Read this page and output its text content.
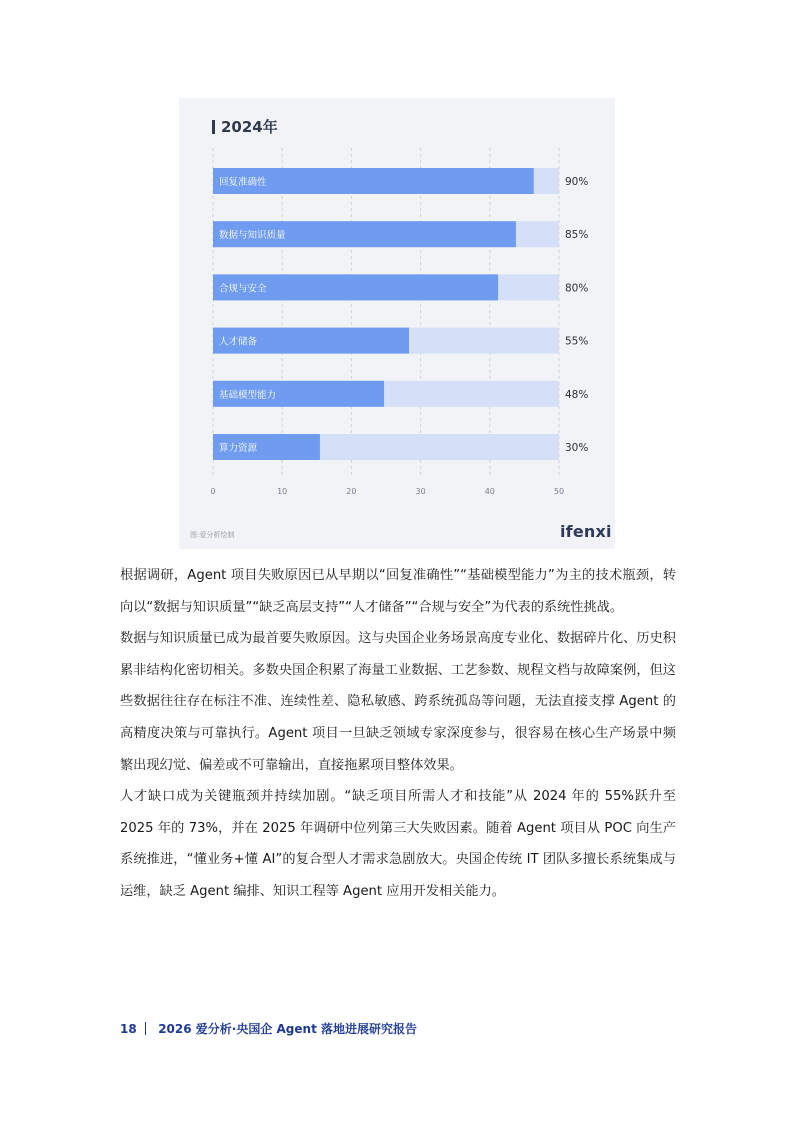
2024年
0	10	20	30	40	50
回复准确性	90%
数据与知识质量	85%
合规与安全	80%
人才储备	55%
基础模型能力	48%
算力资源	30%
图:爱分析绘制	ifenxi

根据调研，Agent 项目失败原因已从早期以“回复准确性”“基础模型能力”为主的技术瓶颈，转向以“数据与知识质量”“缺乏高层支持”“人才储备”“合规与安全”为代表的系统性挑战。

数据与知识质量已成为最首要失败原因。这与央国企业务场景高度专业化、数据碎片化、历史积累非结构化密切相关。多数央国企积累了海量工业数据、工艺参数、规程文档与故障案例，但这些数据往往存在标注不准、连续性差、隐私敏感、跨系统孤岛等问题，无法直接支撑 Agent 的高精度决策与可靠执行。Agent 项目一旦缺乏领域专家深度参与，很容易在核心生产场景中频繁出现幻觉、偏差或不可靠输出，直接拖累项目整体效果。

人才缺口成为关键瓶颈并持续加剧。“缺乏项目所需人才和技能”从 2024 年的 55%跃升至 2025 年的 73%，并在 2025 年调研中位列第三大失败因素。随着 Agent 项目从 POC 向生产系统推进，“懂业务+懂 AI”的复合型人才需求急剧放大。央国企传统 IT 团队多擅长系统集成与运维，缺乏 Agent 编排、知识工程等 Agent 应用开发相关能力。

18 2026 爱分析·央国企 Agent 落地进展研究报告
